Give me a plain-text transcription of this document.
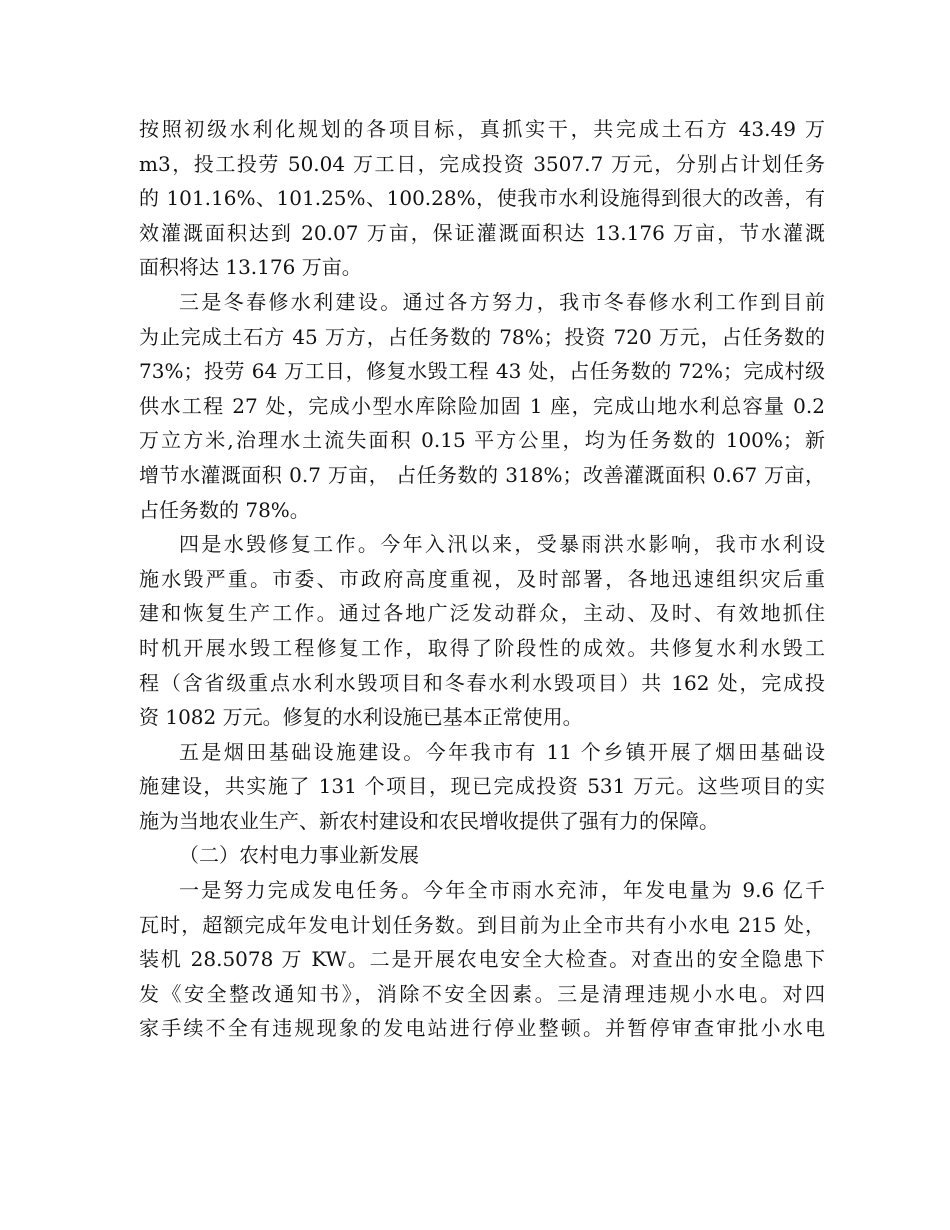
按照初级水利化规划的各项目标，真抓实干，共完成土石方 43.49 万
m3，投工投劳 50.04 万工日，完成投资 3507.7 万元，分别占计划任务
的 101.16%、101.25%、100.28%，使我市水利设施得到很大的改善，有
效灌溉面积达到 20.07 万亩，保证灌溉面积达 13.176 万亩，节水灌溉
面积将达 13.176 万亩。
三是冬春修水利建设。通过各方努力，我市冬春修水利工作到目前
为止完成土石方 45 万方，占任务数的 78%；投资 720 万元，占任务数的
73%；投劳 64 万工日，修复水毁工程 43 处，占任务数的 72%；完成村级
供水工程 27 处，完成小型水库除险加固 1 座，完成山地水利总容量 0.2
万立方米,治理水土流失面积 0.15 平方公里，均为任务数的 100%；新
增节水灌溉面积 0.7 万亩， 占任务数的 318%；改善灌溉面积 0.67 万亩，
占任务数的 78%。
四是水毁修复工作。今年入汛以来，受暴雨洪水影响，我市水利设
施水毁严重。市委、市政府高度重视，及时部署，各地迅速组织灾后重
建和恢复生产工作。通过各地广泛发动群众，主动、及时、有效地抓住
时机开展水毁工程修复工作，取得了阶段性的成效。共修复水利水毁工
程（含省级重点水利水毁项目和冬春水利水毁项目）共 162 处，完成投
资 1082 万元。修复的水利设施已基本正常使用。
五是烟田基础设施建设。今年我市有 11 个乡镇开展了烟田基础设
施建设，共实施了 131 个项目，现已完成投资 531 万元。这些项目的实
施为当地农业生产、新农村建设和农民增收提供了强有力的保障。
（二）农村电力事业新发展
一是努力完成发电任务。今年全市雨水充沛，年发电量为 9.6 亿千
瓦时，超额完成年发电计划任务数。到目前为止全市共有小水电 215 处，
装机 28.5078 万 KW。二是开展农电安全大检查。对查出的安全隐患下
发《安全整改通知书》，消除不安全因素。三是清理违规小水电。对四
家手续不全有违规现象的发电站进行停业整顿。并暂停审查审批小水电
